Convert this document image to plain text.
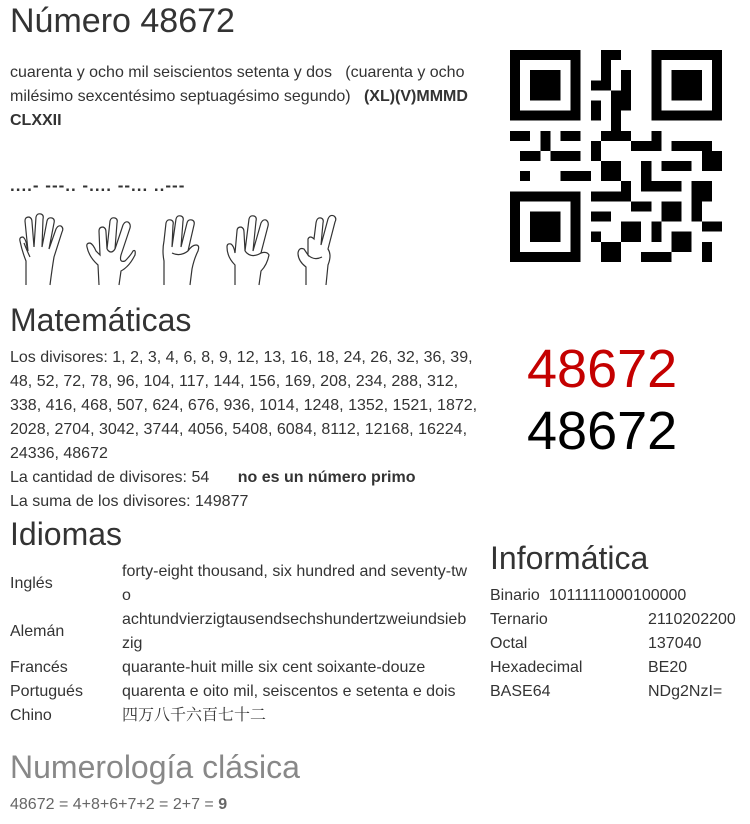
Número 48672
cuarenta y ocho mil seiscientos setenta y dos (cuarenta y ocho milésimo sexcentésimo septuagésimo segundo) (XL)(V)MMMD CLXXII
....- ---.. -.... --... ..---
48672
48672
Matemáticas
Los divisores: 1, 2, 3, 4, 6, 8, 9, 12, 13, 16, 18, 24, 26, 32, 36, 39, 48, 52, 72, 78, 96, 104, 117, 144, 156, 169, 208, 234, 288, 312, 338, 416, 468, 507, 624, 676, 936, 1014, 1248, 1352, 1521, 1872, 2028, 2704, 3042, 3744, 4056, 5408, 6084, 8112, 12168, 16224, 24336, 48672
La cantidad de divisores: 54 no es un número primo
La suma de los divisores: 149877
Idiomas
Inglés	forty-eight thousand, six hundred and seventy-two
Alemán	achtundvierzigtausendsechshundertzweiundsiebzig
Francés	quarante-huit mille six cent soixante-douze
Portugués	quarenta e oito mil, seiscentos e setenta e dois
Chino	四万八千六百七十二
Informática
Binario 1011111000100000	
Ternario	2110202200
Octal	137040
Hexadecimal	BE20
BASE64	NDg2NzI=
Numerología clásica
48672 = 4+8+6+7+2 = 2+7 = 9
